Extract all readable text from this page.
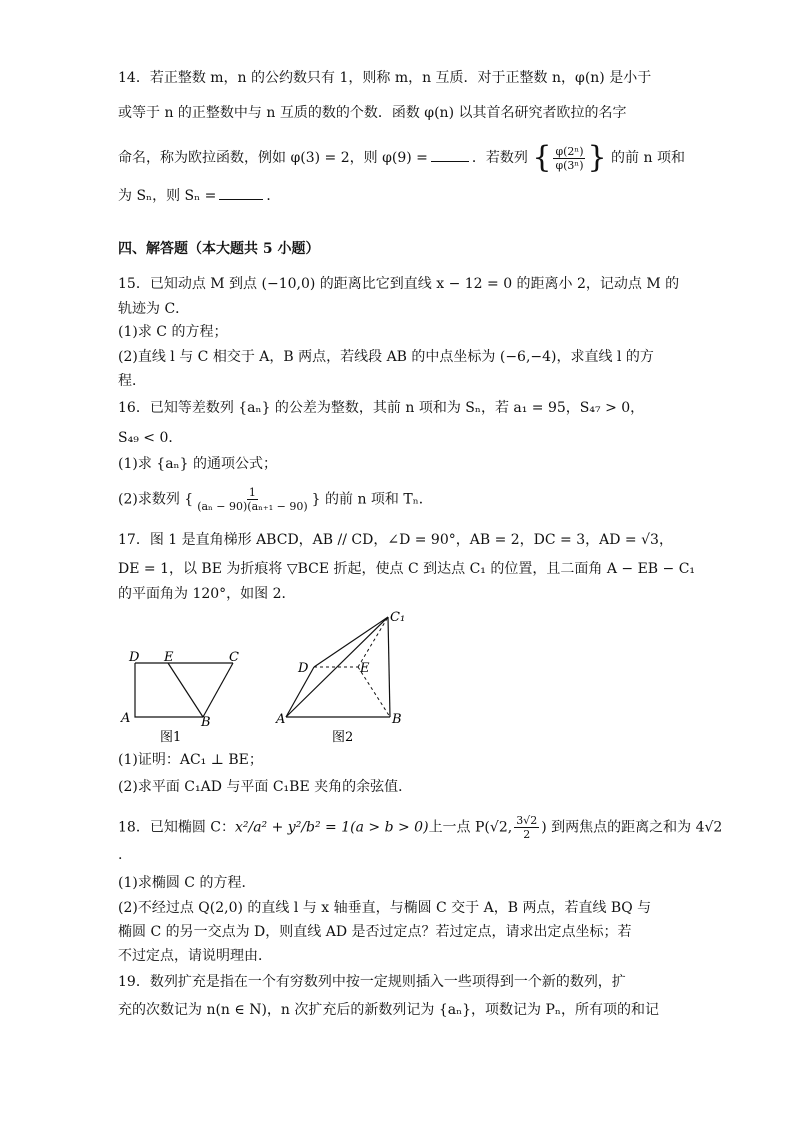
14．若正整数 m，n 的公约数只有 1，则称 m，n 互质．对于正整数 n，φ(n) 是小于
或等于 n 的正整数中与 n 互质的数的个数．函数 φ(n) 以其首名研究者欧拉的名字
命名，称为欧拉函数，例如 φ(3) = 2，则 φ(9) =	．若数列 { $\frac{\text{φ(2ⁿ)}}{\text{φ(3ⁿ)}}$ } 的前 n 项和
为 Sₙ，则 Sₙ =	．
四、解答题（本大题共 5 小题）
15．已知动点 M 到点 (−10,0) 的距离比它到直线 x − 12 = 0 的距离小 2，记动点 M 的
轨迹为 C．
(1)求 C 的方程；
(2)直线 l 与 C 相交于 A，B 两点，若线段 AB 的中点坐标为 (−6,−4)，求直线 l 的方
程．
16．已知等差数列 {aₙ} 的公差为整数，其前 n 项和为 Sₙ，若 a₁ = 95，S₄₇ > 0，
S₄₉ < 0．
(1)求 {aₙ} 的通项公式；
(2)求数列 { $\frac{1}{\text{(aₙ − 90)(aₙ₊₁ − 90)}}$ } 的前 n 项和 Tₙ．
17．图 1 是直角梯形 ABCD，AB // CD，∠D = 90°，AB = 2，DC = 3，AD = √3，
DE = 1，以 BE 为折痕将 ▽BCE 折起，使点 C 到达点 C₁ 的位置，且二面角 A − EB − C₁
的平面角为 120°，如图 2．
D E	C
A	B
图1
C₁
D	E
A	B
图2
(1)证明：AC₁ ⊥ BE；
(2)求平面 C₁AD 与平面 C₁BE 夹角的余弦值．
18．已知椭圆 C：x²/a² + y²/b² = 1(a > b > 0)上一点 P(√2, $\frac{3√2}{2}$ ) 到两焦点的距离之和为 4√2
.
(1)求椭圆 C 的方程．
(2)不经过点 Q(2,0) 的直线 l 与 x 轴垂直，与椭圆 C 交于 A，B 两点，若直线 BQ 与
椭圆 C 的另一交点为 D，则直线 AD 是否过定点？若过定点，请求出定点坐标；若
不过定点，请说明理由．
19．数列扩充是指在一个有穷数列中按一定规则插入一些项得到一个新的数列，扩
充的次数记为 n(n ∈ N)，n 次扩充后的新数列记为 {aₙ}，项数记为 Pₙ，所有项的和记
